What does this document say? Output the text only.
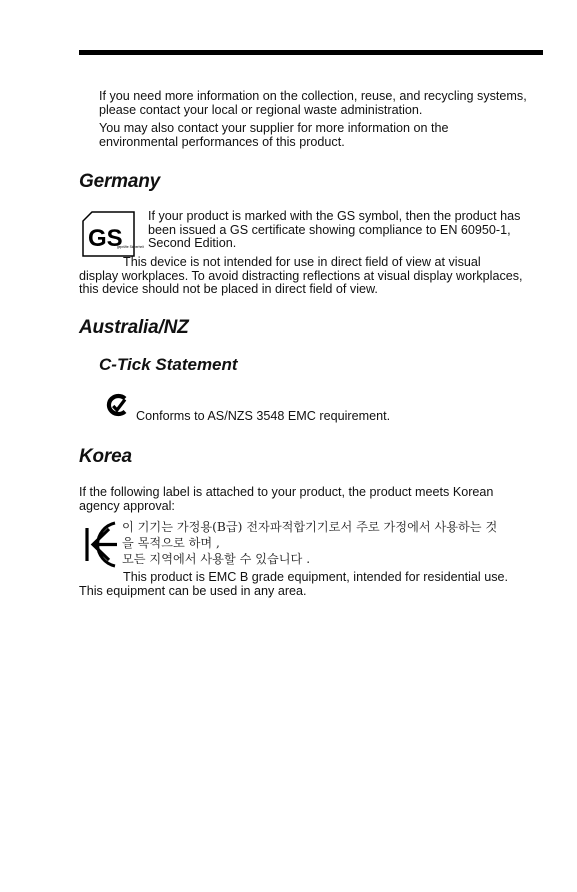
If you need more information on the collection, reuse, and recycling systems,
please contact your local or regional waste administration.

You may also contact your supplier for more information on the
environmental performances of this product.

Germany
GS
geprüfte Sicherheit

If your product is marked with the GS symbol, then the product has
been issued a GS certificate showing compliance to EN 60950-1,
Second Edition.

This device is not intended for use in direct field of view at visual

display workplaces. To avoid distracting reflections at visual display workplaces,
this device should not be placed in direct field of view.

Australia/NZ
C-Tick Statement

Conforms to AS/NZS 3548 EMC requirement.

Korea

If the following label is attached to your product, the product meets Korean
agency approval:

이 기기는 가정용(B급) 전자파적합기기로서 주로 가정에서 사용하는 것
을 목적으로 하며 ,
모든 지역에서 사용할 수 있습니다 .

This product is EMC B grade equipment, intended for residential use.

This equipment can be used in any area.
